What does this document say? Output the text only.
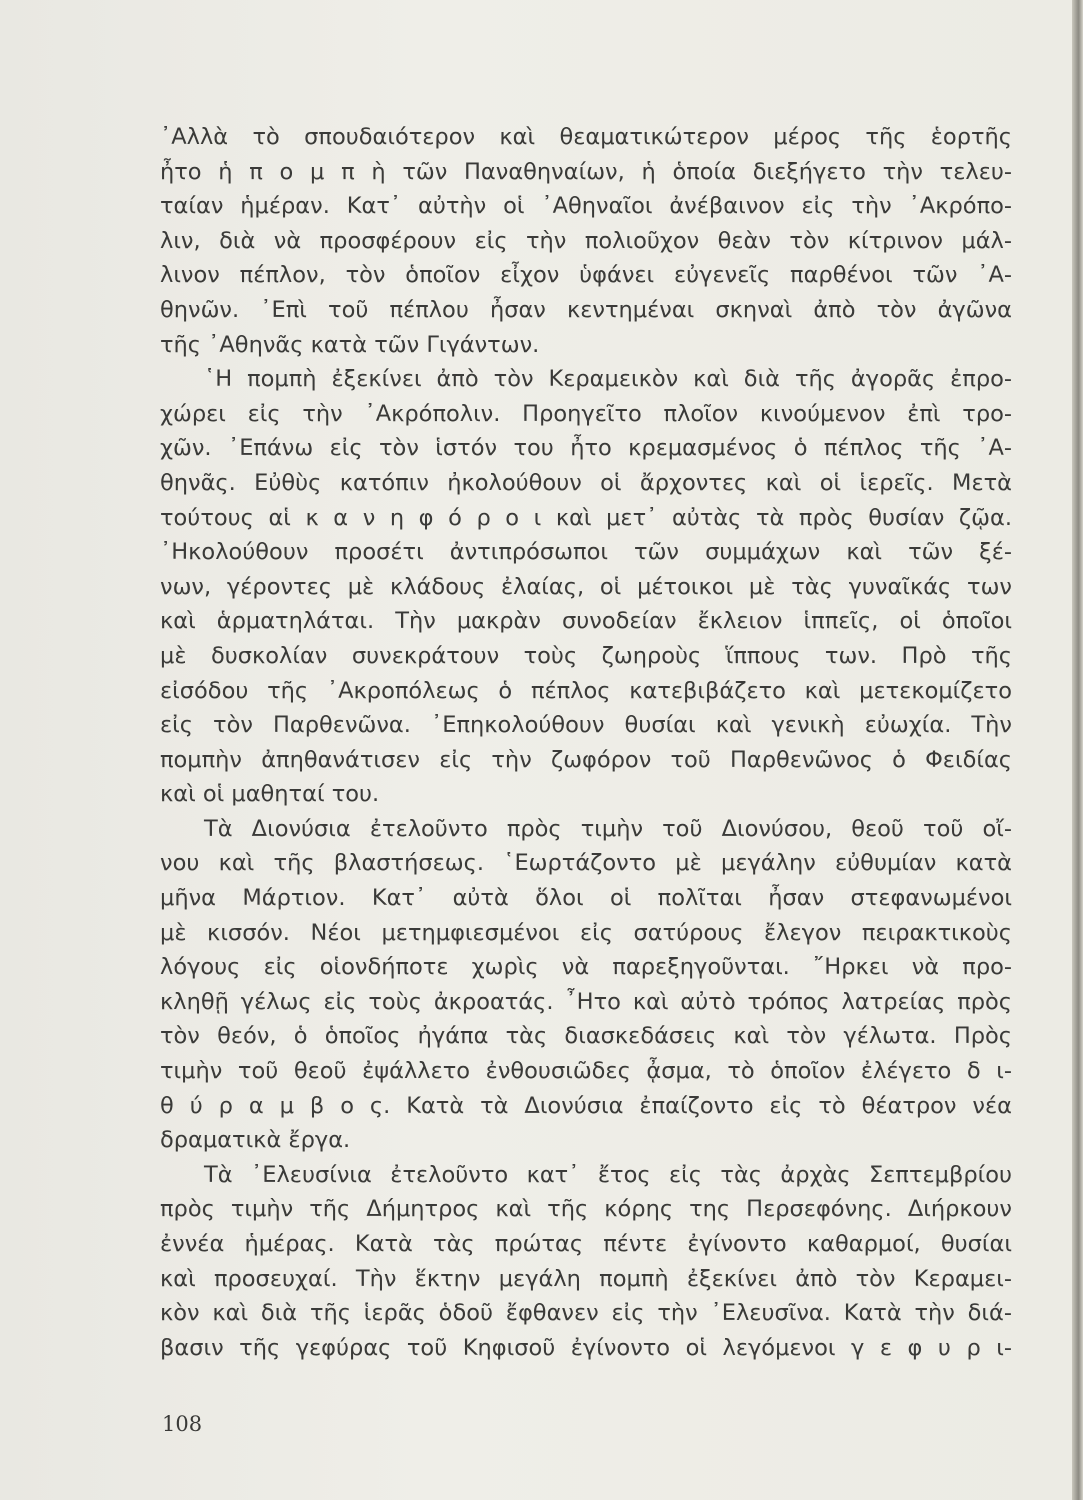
᾿Αλλὰ τὸ σπουδαιότερον καὶ θεαματικώτερον μέρος τῆς ἑορτῆς
ἦτο ἡ π ο μ π ὴ τῶν Παναθηναίων, ἡ ὁποία διεξήγετο τὴν τελευ-
ταίαν ἡμέραν. Κατ᾿ αὐτὴν οἱ ᾿Αθηναῖοι ἀνέβαινον εἰς τὴν ᾿Ακρόπο-
λιν, διὰ νὰ προσφέρουν εἰς τὴν πολιοῦχον θεὰν τὸν κίτρινον μάλ-
λινον πέπλον, τὸν ὁποῖον εἶχον ὑφάνει εὐγενεῖς παρθένοι τῶν ᾿Α-
θηνῶν. ᾿Επὶ τοῦ πέπλου ἦσαν κεντημέναι σκηναὶ ἀπὸ τὸν ἀγῶνα
τῆς ᾿Αθηνᾶς κατὰ τῶν Γιγάντων.
῾Η πομπὴ ἐξεκίνει ἀπὸ τὸν Κεραμεικὸν καὶ διὰ τῆς ἀγορᾶς ἐπρο-
χώρει εἰς τὴν ᾿Ακρόπολιν. Προηγεῖτο πλοῖον κινούμενον ἐπὶ τρο-
χῶν. ᾿Επάνω εἰς τὸν ἱστόν του ἦτο κρεμασμένος ὁ πέπλος τῆς ᾿Α-
θηνᾶς. Εὐθὺς κατόπιν ἠκολούθουν οἱ ἄρχοντες καὶ οἱ ἱερεῖς. Μετὰ
τούτους αἱ κ α ν η φ ό ρ ο ι καὶ μετ᾿ αὐτὰς τὰ πρὸς θυσίαν ζῷα.
᾿Ηκολούθουν προσέτι ἀντιπρόσωποι τῶν συμμάχων καὶ τῶν ξέ-
νων, γέροντες μὲ κλάδους ἐλαίας, οἱ μέτοικοι μὲ τὰς γυναῖκάς των
καὶ ἁρματηλάται. Τὴν μακρὰν συνοδείαν ἔκλειον ἱππεῖς, οἱ ὁποῖοι
μὲ δυσκολίαν συνεκράτουν τοὺς ζωηροὺς ἵππους των. Πρὸ τῆς
εἰσόδου τῆς ᾿Ακροπόλεως ὁ πέπλος κατεβιβάζετο καὶ μετεκομίζετο
εἰς τὸν Παρθενῶνα. ᾿Επηκολούθουν θυσίαι καὶ γενικὴ εὐωχία. Τὴν
πομπὴν ἀπηθανάτισεν εἰς τὴν ζωφόρον τοῦ Παρθενῶνος ὁ Φειδίας
καὶ οἱ μαθηταί του.
Τὰ Διονύσια ἐτελοῦντο πρὸς τιμὴν τοῦ Διονύσου, θεοῦ τοῦ οἴ-
νου καὶ τῆς βλαστήσεως. ῾Εωρτάζοντο μὲ μεγάλην εὐθυμίαν κατὰ
μῆνα Μάρτιον. Κατ᾿ αὐτὰ ὅλοι οἱ πολῖται ἦσαν στεφανωμένοι
μὲ κισσόν. Νέοι μετημφιεσμένοι εἰς σατύρους ἔλεγον πειρακτικοὺς
λόγους εἰς οἱονδήποτε χωρὶς νὰ παρεξηγοῦνται. ῎Ηρκει νὰ προ-
κληθῇ γέλως εἰς τοὺς ἀκροατάς. ῏Ητο καὶ αὐτὸ τρόπος λατρείας πρὸς
τὸν θεόν, ὁ ὁποῖος ἠγάπα τὰς διασκεδάσεις καὶ τὸν γέλωτα. Πρὸς
τιμὴν τοῦ θεοῦ ἐψάλλετο ἐνθουσιῶδες ᾆσμα, τὸ ὁποῖον ἐλέγετο δ ι-
θ ύ ρ α μ β ο ς. Κατὰ τὰ Διονύσια ἐπαίζοντο εἰς τὸ θέατρον νέα
δραματικὰ ἔργα.
Τὰ ᾿Ελευσίνια ἐτελοῦντο κατ᾿ ἔτος εἰς τὰς ἀρχὰς Σεπτεμβρίου
πρὸς τιμὴν τῆς Δήμητρος καὶ τῆς κόρης της Περσεφόνης. Διήρκουν
ἐννέα ἡμέρας. Κατὰ τὰς πρώτας πέντε ἐγίνοντο καθαρμοί, θυσίαι
καὶ προσευχαί. Τὴν ἕκτην μεγάλη πομπὴ ἐξεκίνει ἀπὸ τὸν Κεραμει-
κὸν καὶ διὰ τῆς ἱερᾶς ὁδοῦ ἔφθανεν εἰς τὴν ᾿Ελευσῖνα. Κατὰ τὴν διά-
βασιν τῆς γεφύρας τοῦ Κηφισοῦ ἐγίνοντο οἱ λεγόμενοι γ ε φ υ ρ ι-
108
